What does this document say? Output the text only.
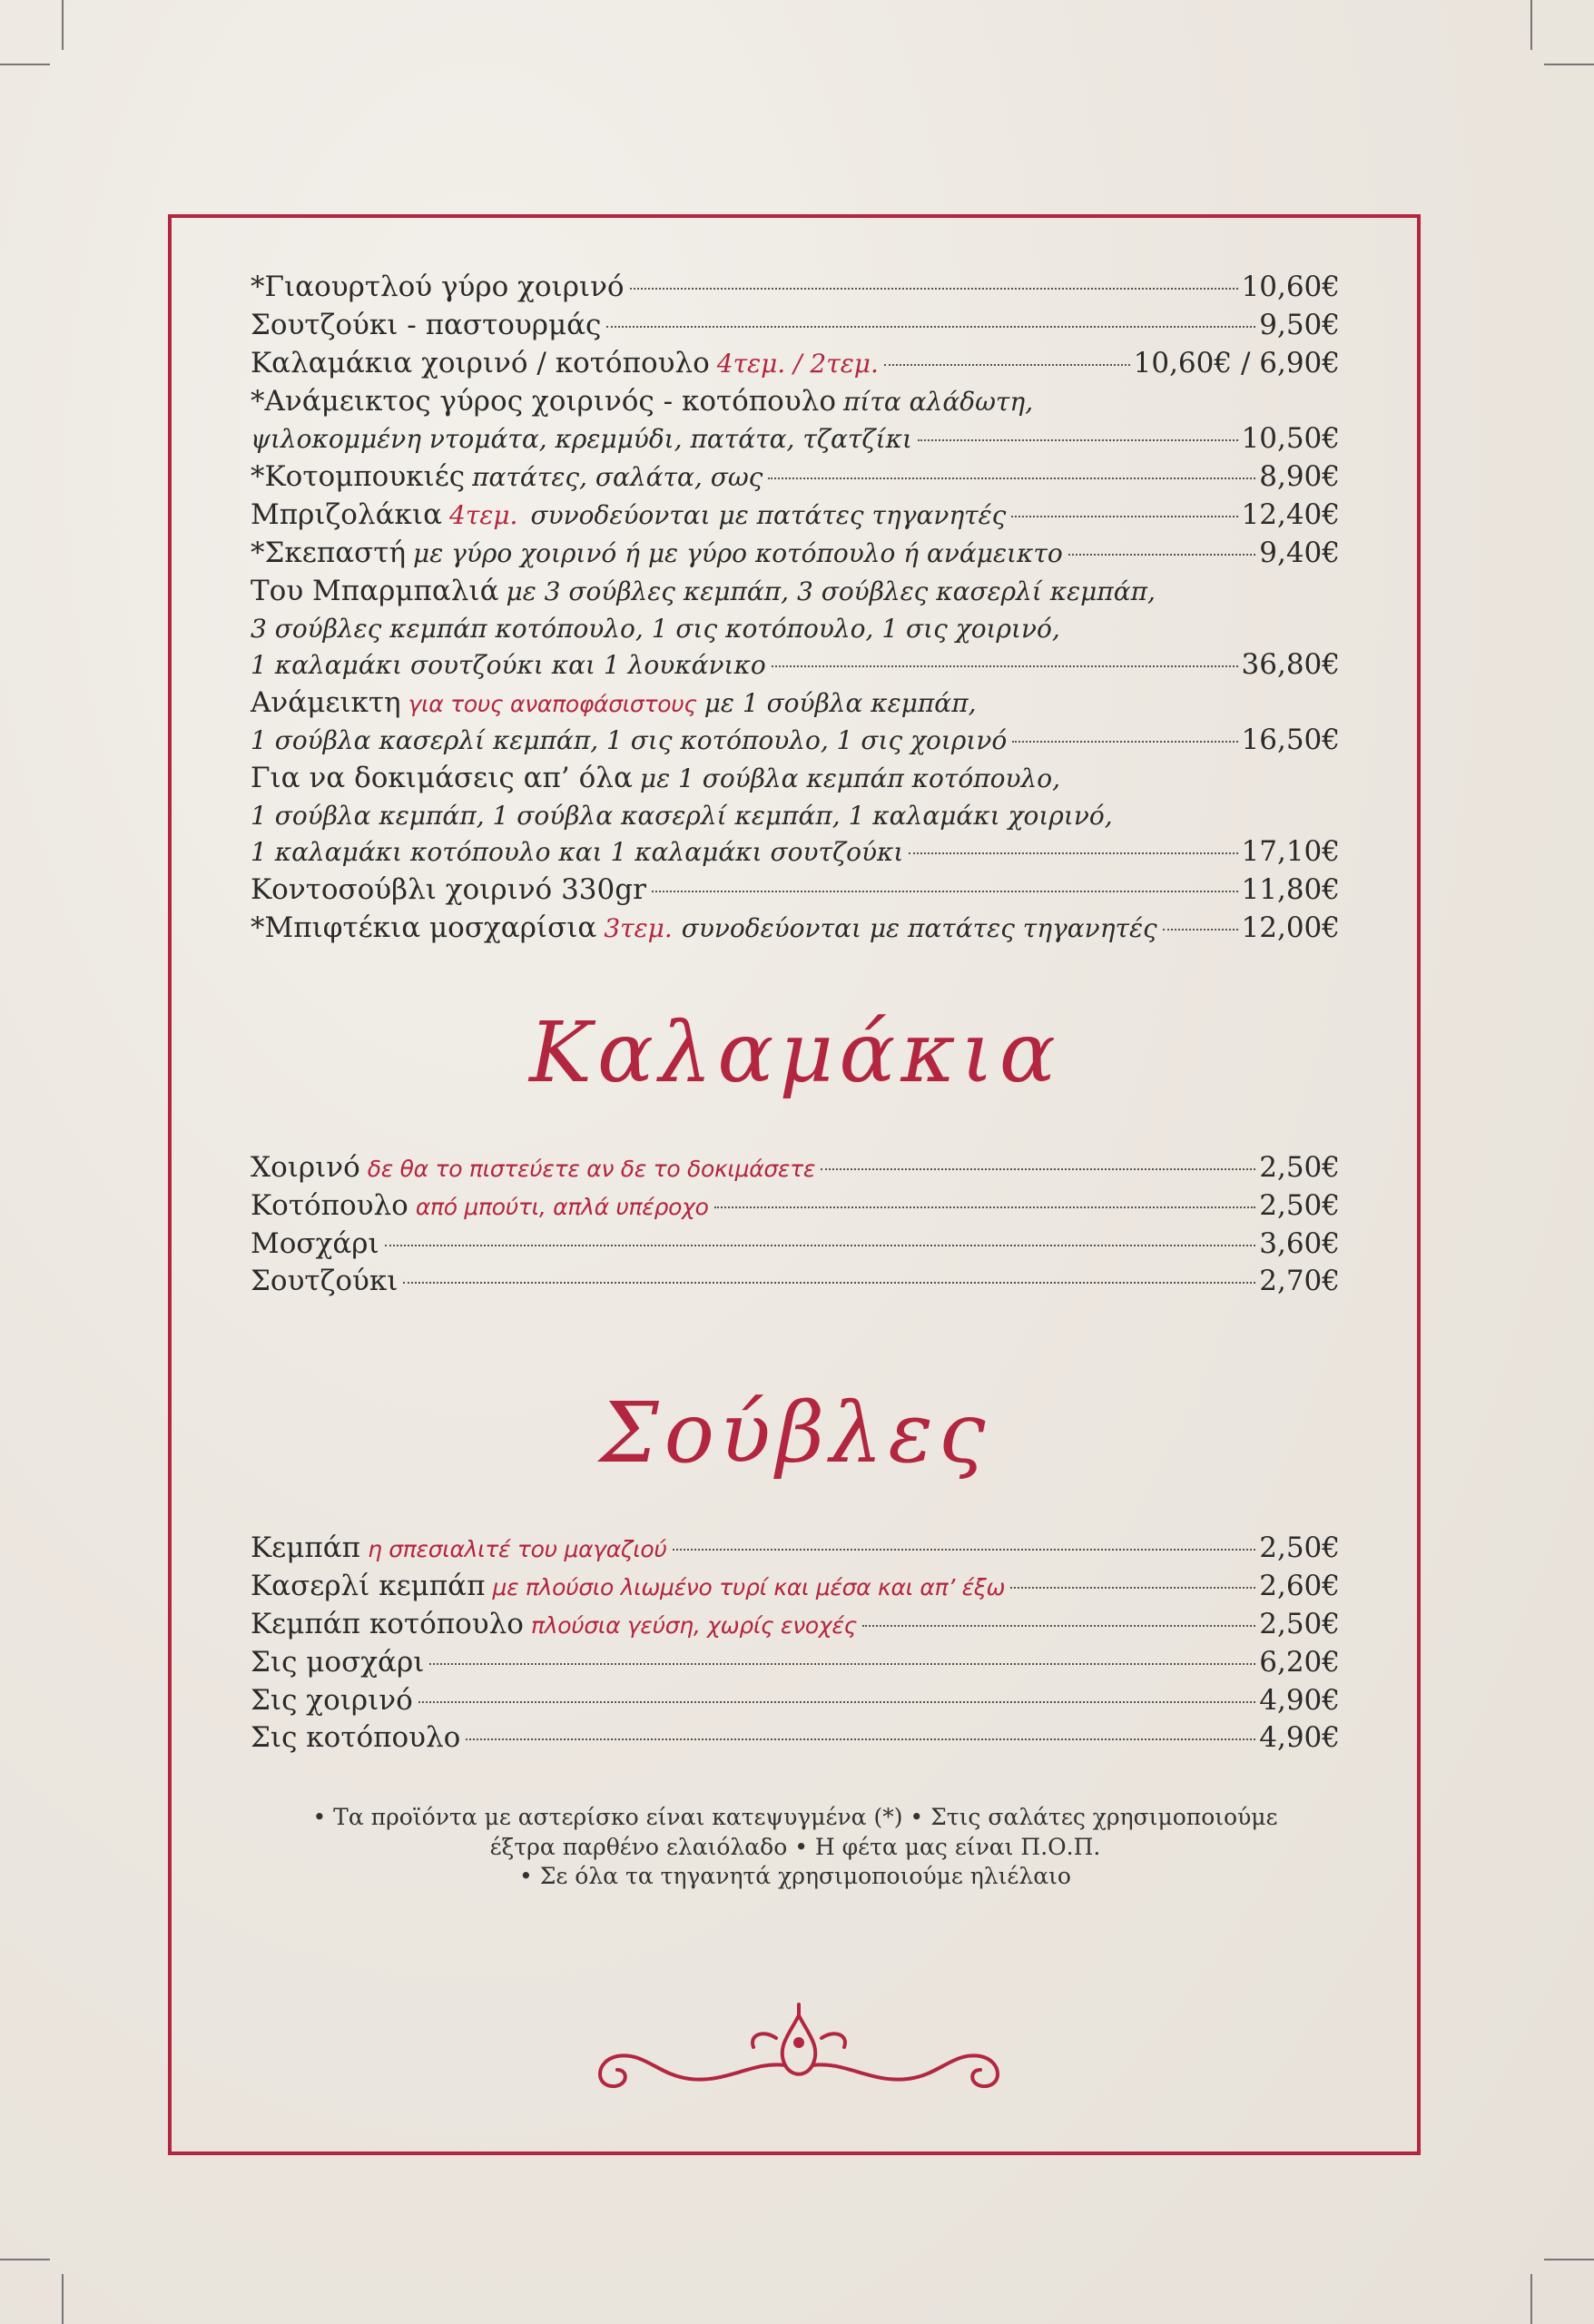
*Γιαουρτλού γύρο χοιρινό	10,60€
Σουτζούκι - παστουρμάς	9,50€
Καλαμάκια χοιρινό / κοτόπουλο 4τεμ. / 2τεμ.	10,60€ / 6,90€
*Ανάμεικτος γύρος χοιρινός - κοτόπουλο πίτα αλάδωτη,
ψιλοκομμένη ντομάτα, κρεμμύδι, πατάτα, τζατζίκι	10,50€
*Κοτομπουκιές πατάτες, σαλάτα, σως	8,90€
Μπριζολάκια 4τεμ. συνοδεύονται με πατάτες τηγανητές	12,40€
*Σκεπαστή με γύρο χοιρινό ή με γύρο κοτόπουλο ή ανάμεικτο	9,40€
Του Μπαρμπαλιά με 3 σούβλες κεμπάπ, 3 σούβλες κασερλί κεμπάπ,
3 σούβλες κεμπάπ κοτόπουλο, 1 σις κοτόπουλο, 1 σις χοιρινό,
1 καλαμάκι σουτζούκι και 1 λουκάνικο	36,80€
Ανάμεικτη για τους αναποφάσιστους με 1 σούβλα κεμπάπ,
1 σούβλα κασερλί κεμπάπ, 1 σις κοτόπουλο, 1 σις χοιρινό	16,50€
Για να δοκιμάσεις απ’ όλα με 1 σούβλα κεμπάπ κοτόπουλο,
1 σούβλα κεμπάπ, 1 σούβλα κασερλί κεμπάπ, 1 καλαμάκι χοιρινό,
1 καλαμάκι κοτόπουλο και 1 καλαμάκι σουτζούκι	17,10€
Κοντοσούβλι χοιρινό 330gr	11,80€
*Μπιφτέκια μοσχαρίσια 3τεμ. συνοδεύονται με πατάτες τηγανητές	12,00€
Καλαμάκια
Χοιρινό δε θα το πιστεύετε αν δε το δοκιμάσετε	2,50€
Κοτόπουλο από μπούτι, απλά υπέροχο	2,50€
Μοσχάρι	3,60€
Σουτζούκι	2,70€
Σούβλες
Κεμπάπ η σπεσιαλιτέ του μαγαζιού	2,50€
Κασερλί κεμπάπ με πλούσιο λιωμένο τυρί και μέσα και απ’ έξω	2,60€
Κεμπάπ κοτόπουλο πλούσια γεύση, χωρίς ενοχές	2,50€
Σις μοσχάρι	6,20€
Σις χοιρινό	4,90€
Σις κοτόπουλο	4,90€
• Τα προϊόντα με αστερίσκο είναι κατεψυγμένα (*) • Στις σαλάτες χρησιμοποιούμε
έξτρα παρθένο ελαιόλαδο • Η φέτα μας είναι Π.Ο.Π.
• Σε όλα τα τηγανητά χρησιμοποιούμε ηλιέλαιο
